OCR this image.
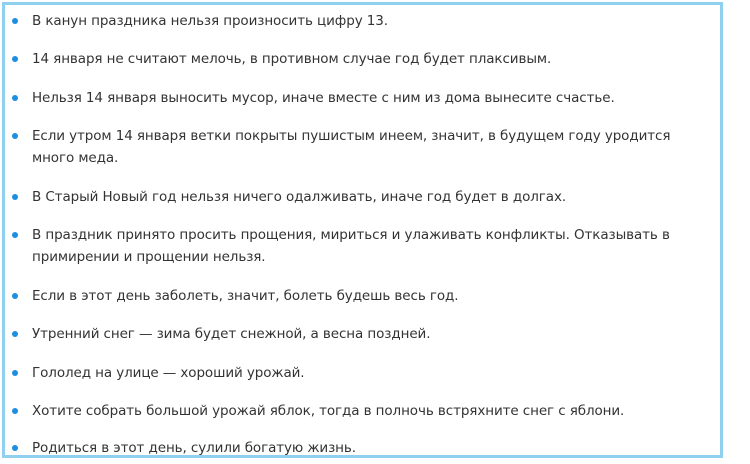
В канун праздника нельзя произносить цифру 13.
14 января не считают мелочь, в противном случае год будет плаксивым.
Нельзя 14 января выносить мусор, иначе вместе с ним из дома вынесите счастье.
Если утром 14 января ветки покрыты пушистым инеем, значит, в будущем году уродится
много меда.
В Старый Новый год нельзя ничего одалживать, иначе год будет в долгах.
В праздник принято просить прощения, мириться и улаживать конфликты. Отказывать в
примирении и прощении нельзя.
Если в этот день заболеть, значит, болеть будешь весь год.
Утренний снег — зима будет снежной, а весна поздней.
Гололед на улице — хороший урожай.
Хотите собрать большой урожай яблок, тогда в полночь встряхните снег с яблони.
Родиться в этот день, сулили богатую жизнь.
